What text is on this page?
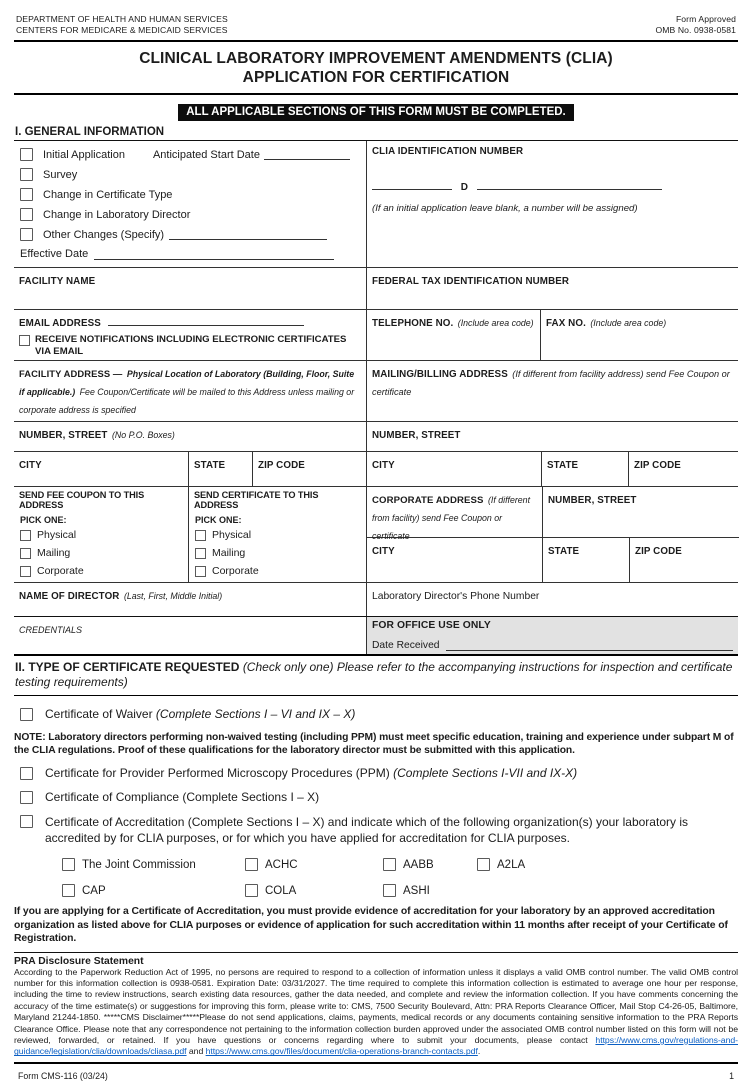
DEPARTMENT OF HEALTH AND HUMAN SERVICES
CENTERS FOR MEDICARE & MEDICAID SERVICES
Form Approved
OMB No. 0938-0581
CLINICAL LABORATORY IMPROVEMENT AMENDMENTS (CLIA)
APPLICATION FOR CERTIFICATION
ALL APPLICABLE SECTIONS OF THIS FORM MUST BE COMPLETED.
I. GENERAL INFORMATION
Initial Application	Anticipated Start Date
Survey
Change in Certificate Type
Change in Laboratory Director
Other Changes (Specify)
Effective Date
CLIA IDENTIFICATION NUMBER
D
(If an initial application leave blank, a number will be assigned)
FACILITY NAME	FEDERAL TAX IDENTIFICATION NUMBER
EMAIL ADDRESS
RECEIVE NOTIFICATIONS INCLUDING ELECTRONIC CERTIFICATES
VIA EMAIL
TELEPHONE NO. (Include area code)	FAX NO. (Include area code)
FACILITY ADDRESS — Physical Location of Laboratory (Building, Floor, Suite if applicable.) Fee Coupon/Certificate will be mailed to this Address unless mailing or corporate address is specified
MAILING/BILLING ADDRESS (If different from facility address) send Fee Coupon or certificate
NUMBER, STREET (No P.O. Boxes)	NUMBER, STREET
CITY	STATE	ZIP CODE	CITY	STATE	ZIP CODE
SEND FEE COUPON TO THIS ADDRESS
PICK ONE:
Physical
Mailing
Corporate
SEND CERTIFICATE TO THIS ADDRESS
PICK ONE:
Physical
Mailing
Corporate
CORPORATE ADDRESS (If different from facility) send Fee Coupon or certificate
NUMBER, STREET
CITY	STATE	ZIP CODE
NAME OF DIRECTOR (Last, First, Middle Initial)	Laboratory Director's Phone Number
CREDENTIALS	FOR OFFICE USE ONLY
Date Received
II. TYPE OF CERTIFICATE REQUESTED (Check only one) Please refer to the accompanying instructions for inspection and certificate testing requirements)
Certificate of Waiver (Complete Sections I – VI and IX – X)
NOTE: Laboratory directors performing non-waived testing (including PPM) must meet specific education, training and experience under subpart M of the CLIA regulations. Proof of these qualifications for the laboratory director must be submitted with this application.
Certificate for Provider Performed Microscopy Procedures (PPM) (Complete Sections I-VII and IX-X)
Certificate of Compliance (Complete Sections I – X)
Certificate of Accreditation (Complete Sections I – X) and indicate which of the following organization(s) your laboratory is accredited by for CLIA purposes, or for which you have applied for accreditation for CLIA purposes.
The Joint Commission	ACHC	AABB	A2LA
CAP	COLA	ASHI
If you are applying for a Certificate of Accreditation, you must provide evidence of accreditation for your laboratory by an approved accreditation organization as listed above for CLIA purposes or evidence of application for such accreditation within 11 months after receipt of your Certificate of Registration.
PRA Disclosure Statement
According to the Paperwork Reduction Act of 1995, no persons are required to respond to a collection of information unless it displays a valid OMB control number. The valid OMB control number for this information collection is 0938-0581. Expiration Date: 03/31/2027. The time required to complete this information collection is estimated to average one hour per response, including the time to review instructions, search existing data resources, gather the data needed, and complete and review the information collection. If you have comments concerning the accuracy of the time estimate(s) or suggestions for improving this form, please write to: CMS, 7500 Security Boulevard, Attn: PRA Reports Clearance Officer, Mail Stop C4-26-05, Baltimore, Maryland 21244-1850. *****CMS Disclaimer*****Please do not send applications, claims, payments, medical records or any documents containing sensitive information to the PRA Reports Clearance Office. Please note that any correspondence not pertaining to the information collection burden approved under the associated OMB control number listed on this form will not be reviewed, forwarded, or retained. If you have questions or concerns regarding where to submit your documents, please contact https://www.cms.gov/regulations-and-guidance/legislation/clia/downloads/cliasa.pdf and https://www.cms.gov/files/document/clia-operations-branch-contacts.pdf.
Form CMS-116 (03/24)	1
